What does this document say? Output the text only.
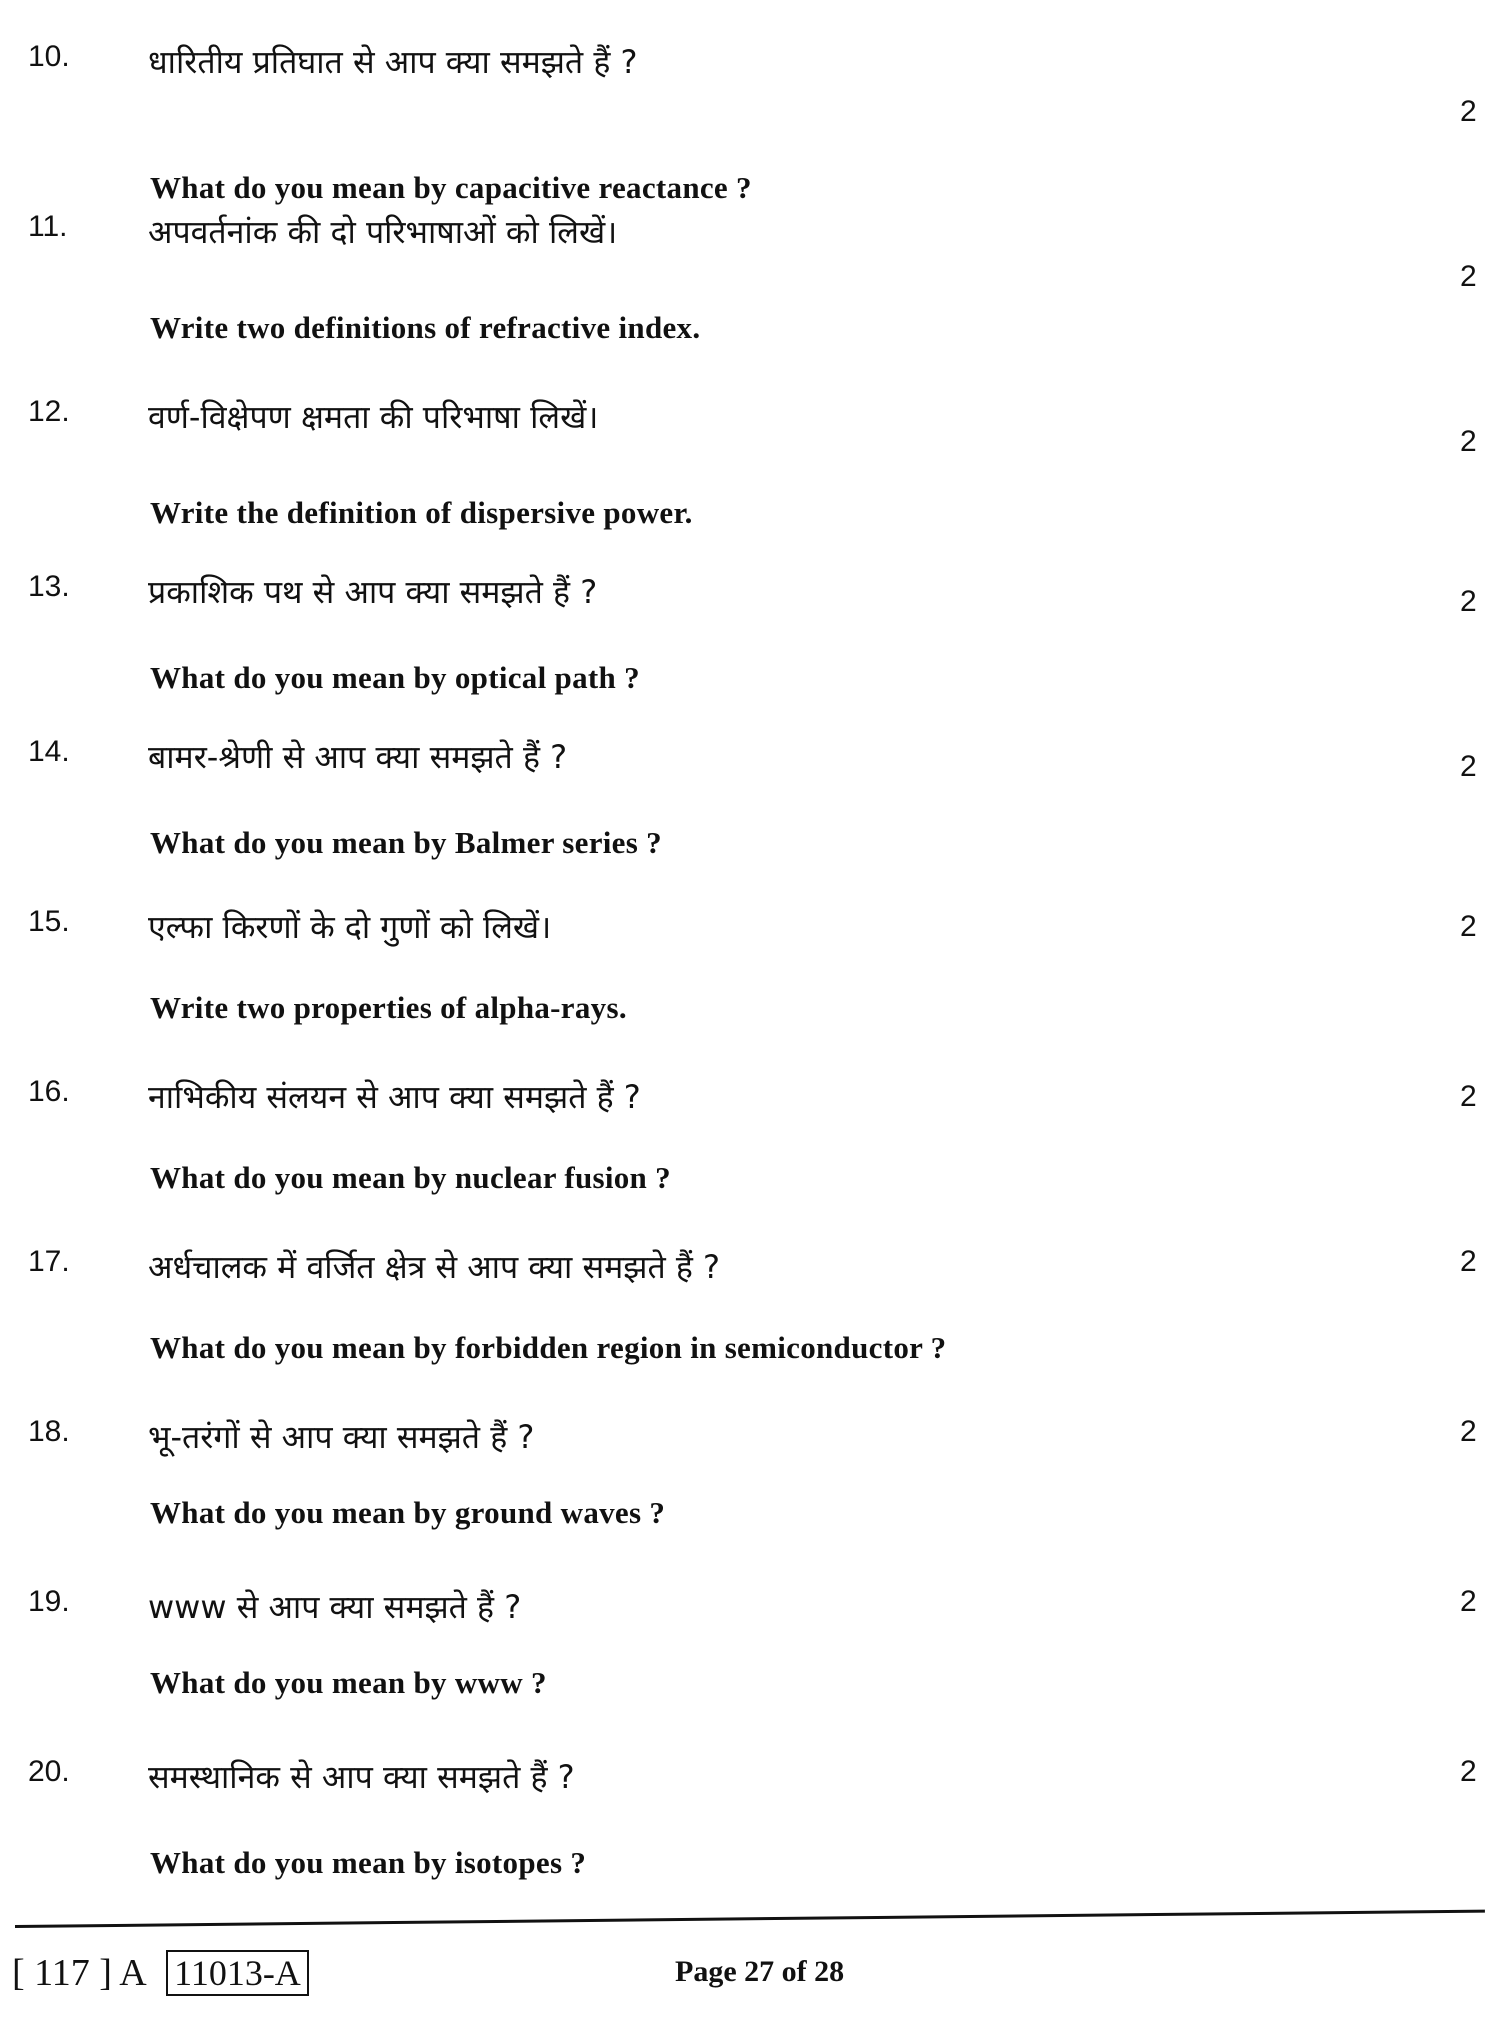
10. धारितीय प्रतिघात से आप क्या समझते हैं ?
2
What do you mean by capacitive reactance ?
11.	अपवर्तनांक की दो परिभाषाओं को लिखें।
2
Write two definitions of refractive index.
12. वर्ण-विक्षेपण क्षमता की परिभाषा लिखें।
2
Write the definition of dispersive power.
13. प्रकाशिक पथ से आप क्या समझते हैं ?	2
What do you mean by optical path ?
14. बामर-श्रेणी से आप क्या समझते हैं ?	2
What do you mean by Balmer series ?
15. एल्फा किरणों के दो गुणों को लिखें।	2
Write two properties of alpha-rays.
16. नाभिकीय संलयन से आप क्या समझते हैं ?	2
What do you mean by nuclear fusion ?
17. अर्धचालक में वर्जित क्षेत्र से आप क्या समझते हैं ?	2
What do you mean by forbidden region in semiconductor ?
18. भू-तरंगों से आप क्या समझते हैं ?	2
What do you mean by ground waves ?
19. www से आप क्या समझते हैं ?	2
What do you mean by www ?
20. समस्थानिक से आप क्या समझते हैं ?	2
What do you mean by isotopes ?
[ 117 ] A 11013-A	Page 27 of 28
